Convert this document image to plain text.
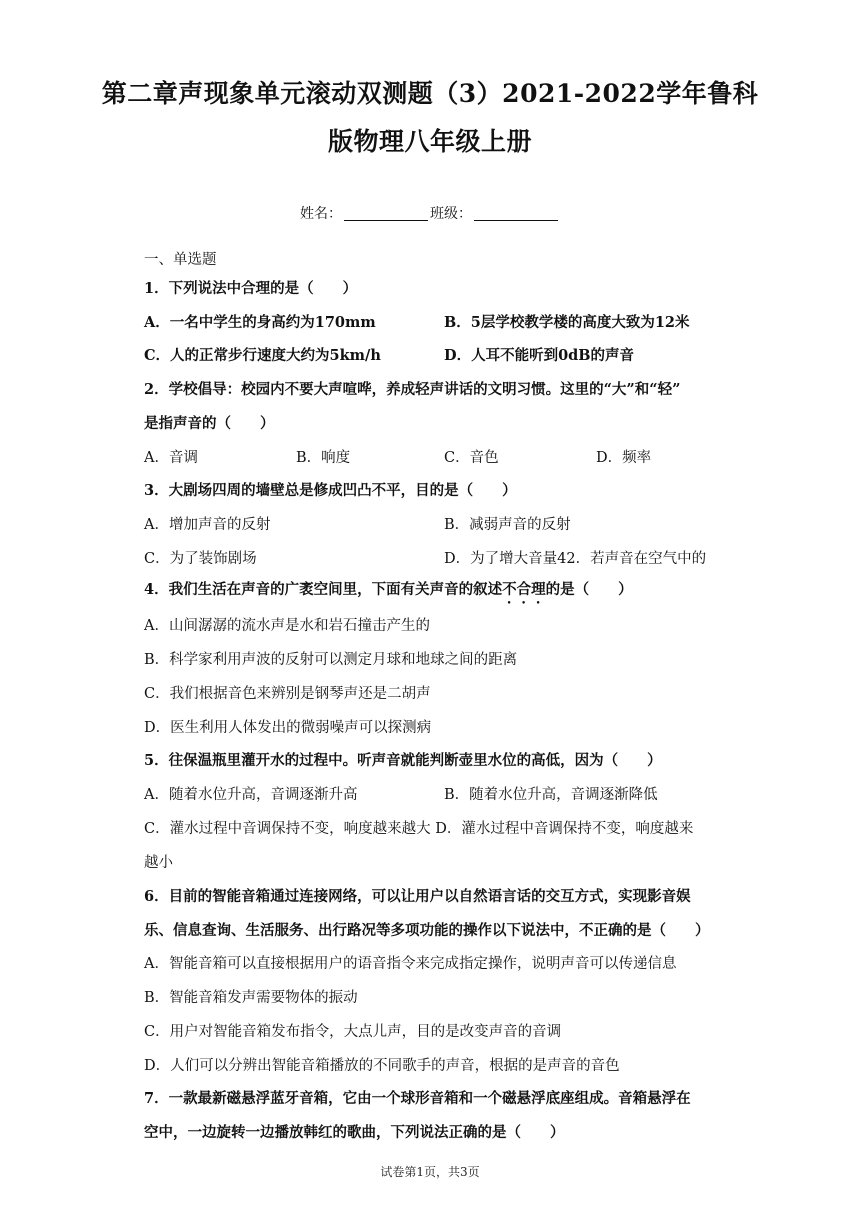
第二章声现象单元滚动双测题（3）2021-2022学年鲁科
版物理八年级上册
姓名：	班级：
一、单选题
1．下列说法中合理的是（　　）
A．一名中学生的身高约为170mm	B．5层学校教学楼的高度大致为12米
C．人的正常步行速度大约为5km/h	D．人耳不能听到0dB的声音
2．学校倡导：校园内不要大声喧哗，养成轻声讲话的文明习惯。这里的“大”和“轻”
是指声音的（　　）
A．音调	B．响度	C．音色	D．频率
3．大剧场四周的墙壁总是修成凹凸不平，目的是（　　）
A．增加声音的反射	B．减弱声音的反射
C．为了装饰剧场	D．为了增大音量42．若声音在空气中的
4．我们生活在声音的广袤空间里，下面有关声音的叙述不合理的是（　　）
A．山间潺潺的流水声是水和岩石撞击产生的
B．科学家利用声波的反射可以测定月球和地球之间的距离
C．我们根据音色来辨别是钢琴声还是二胡声
D．医生利用人体发出的微弱噪声可以探测病
5．往保温瓶里灌开水的过程中。听声音就能判断壶里水位的高低，因为（　　）
A．随着水位升高，音调逐渐升高	B．随着水位升高，音调逐渐降低
C．灌水过程中音调保持不变，响度越来越大 D．灌水过程中音调保持不变，响度越来
越小
6．目前的智能音箱通过连接网络，可以让用户以自然语言话的交互方式，实现影音娱
乐、信息查询、生活服务、出行路况等多项功能的操作以下说法中，不正确的是（　　）
A．智能音箱可以直接根据用户的语音指令来完成指定操作，说明声音可以传递信息
B．智能音箱发声需要物体的振动
C．用户对智能音箱发布指令，大点儿声，目的是改变声音的音调
D．人们可以分辨出智能音箱播放的不同歌手的声音，根据的是声音的音色
7．一款最新磁悬浮蓝牙音箱，它由一个球形音箱和一个磁悬浮底座组成。音箱悬浮在
空中，一边旋转一边播放韩红的歌曲，下列说法正确的是（　　）
试卷第1页，共3页
